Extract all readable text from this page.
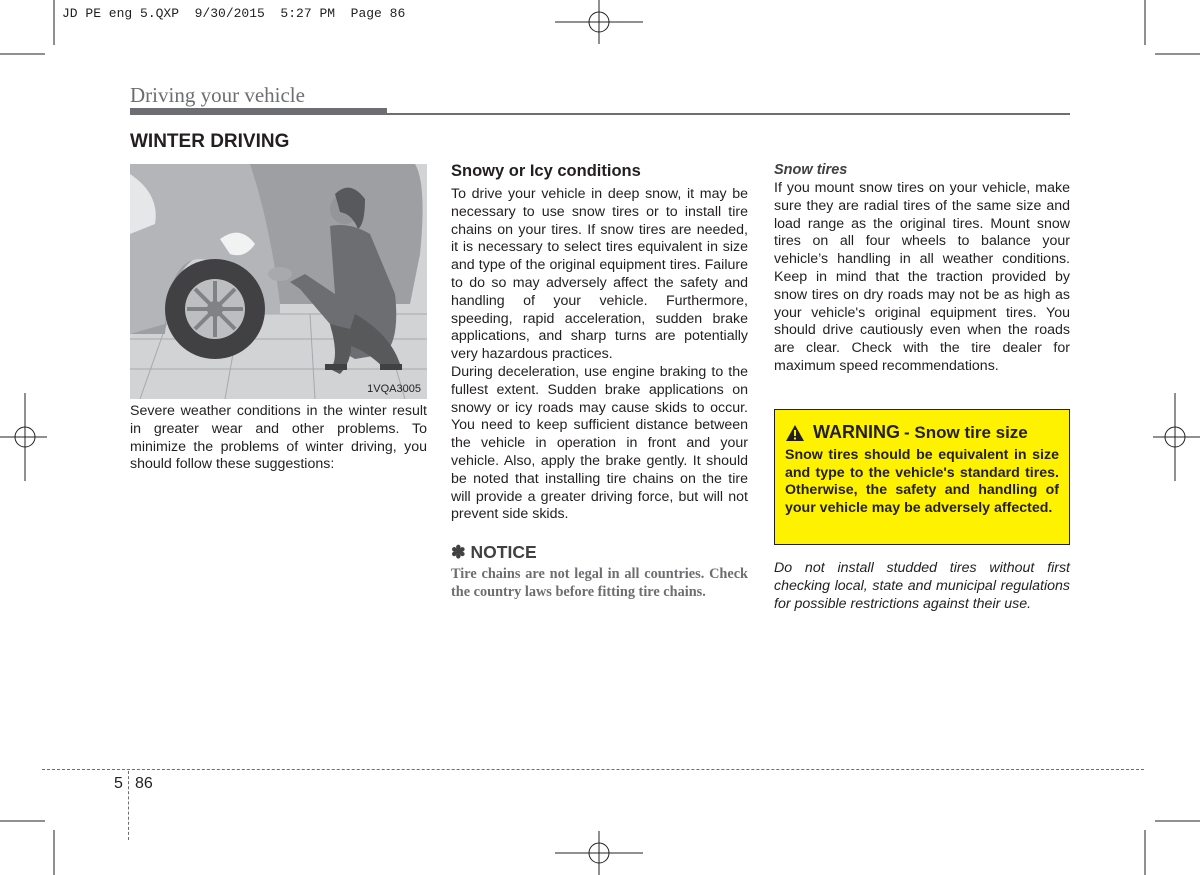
JD PE eng 5.QXP  9/30/2015  5:27 PM  Page 86
Driving your vehicle
WINTER DRIVING
1VQA3005

Severe weather conditions in the winter result in greater wear and other problems. To minimize the problems of winter driving, you should follow these suggestions:

Snowy or Icy conditions

To drive your vehicle in deep snow, it may be necessary to use snow tires or to install tire chains on your tires. If snow tires are needed, it is necessary to select tires equivalent in size and type of the original equipment tires. Failure to do so may adversely affect the safety and handling of your vehicle. Furthermore, speeding, rapid acceleration, sudden brake applications, and sharp turns are potentially very hazardous practices.

During deceleration, use engine braking to the fullest extent. Sudden brake applications on snowy or icy roads may cause skids to occur. You need to keep sufficient distance between the vehicle in operation in front and your vehicle. Also, apply the brake gently. It should be noted that installing tire chains on the tire will provide a greater driving force, but will not prevent side skids.

✽ NOTICE

Tire chains are not legal in all countries. Check the country laws before fitting tire chains.

Snow tires

If you mount snow tires on your vehicle, make sure they are radial tires of the same size and load range as the original tires. Mount snow tires on all four wheels to balance your vehicle’s handling in all weather conditions. Keep in mind that the traction provided by snow tires on dry roads may not be as high as your vehicle's original equipment tires. You should drive cautiously even when the roads are clear. Check with the tire dealer for maximum speed recommendations.

WARNING - Snow tire size

Snow tires should be equivalent in size and type to the vehicle's standard tires. Otherwise, the safety and handling of your vehicle may be adversely affected.

Do not install studded tires without first checking local, state and municipal regulations for possible restrictions against their use.

5 86
